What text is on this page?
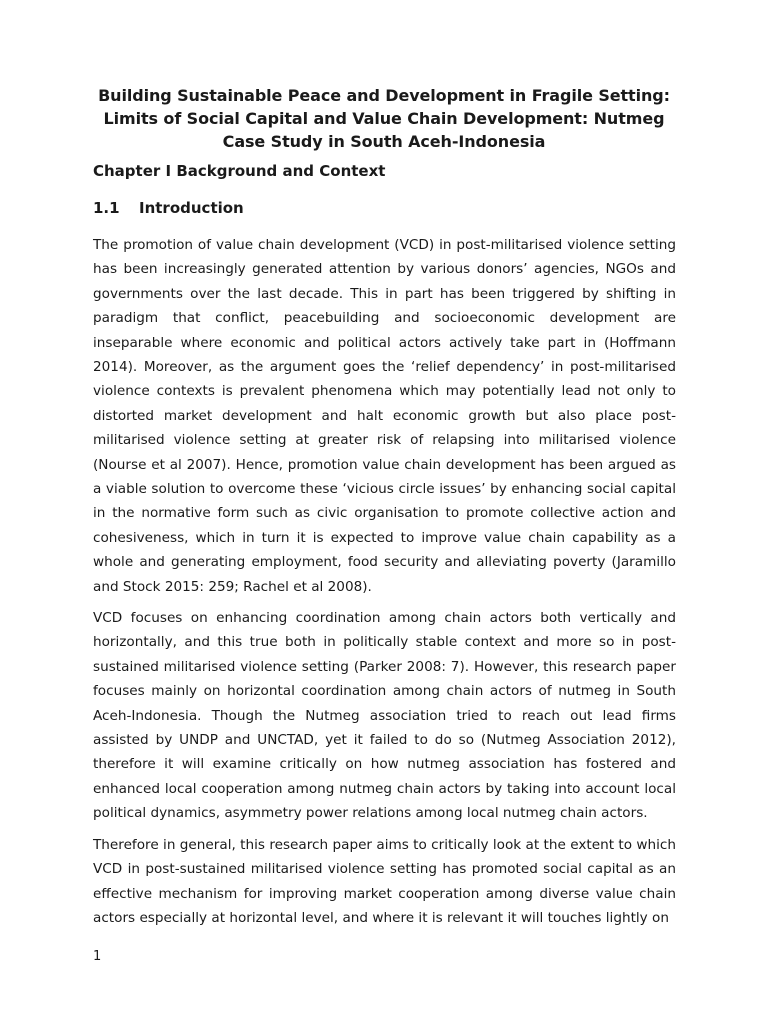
Building Sustainable Peace and Development in Fragile Setting: Limits of Social Capital and Value Chain Development: Nutmeg Case Study in South Aceh-Indonesia
Chapter I Background and Context
1.1 Introduction

The promotion of value chain development (VCD) in post-militarised violence setting has been increasingly generated attention by various donors’ agencies, NGOs and governments over the last decade. This in part has been triggered by shifting in paradigm that conflict, peacebuilding and socioeconomic development are inseparable where economic and political actors actively take part in (Hoffmann 2014). Moreover, as the argument goes the ‘relief dependency’ in post-militarised violence contexts is prevalent phenomena which may potentially lead not only to distorted market development and halt economic growth but also place post-militarised violence setting at greater risk of relapsing into militarised violence (Nourse et al 2007). Hence, promotion value chain development has been argued as a viable solution to overcome these ‘vicious circle issues’ by enhancing social capital in the normative form such as civic organisation to promote collective action and cohesiveness, which in turn it is expected to improve value chain capability as a whole and generating employment, food security and alleviating poverty (Jaramillo and Stock 2015: 259; Rachel et al 2008).

VCD focuses on enhancing coordination among chain actors both vertically and horizontally, and this true both in politically stable context and more so in post-sustained militarised violence setting (Parker 2008: 7). However, this research paper focuses mainly on horizontal coordination among chain actors of nutmeg in South Aceh-Indonesia. Though the Nutmeg association tried to reach out lead firms assisted by UNDP and UNCTAD, yet it failed to do so (Nutmeg Association 2012), therefore it will examine critically on how nutmeg association has fostered and enhanced local cooperation among nutmeg chain actors by taking into account local political dynamics, asymmetry power relations among local nutmeg chain actors.

Therefore in general, this research paper aims to critically look at the extent to which VCD in post-sustained militarised violence setting has promoted social capital as an effective mechanism for improving market cooperation among diverse value chain actors especially at horizontal level, and where it is relevant it will touches lightly on

1
